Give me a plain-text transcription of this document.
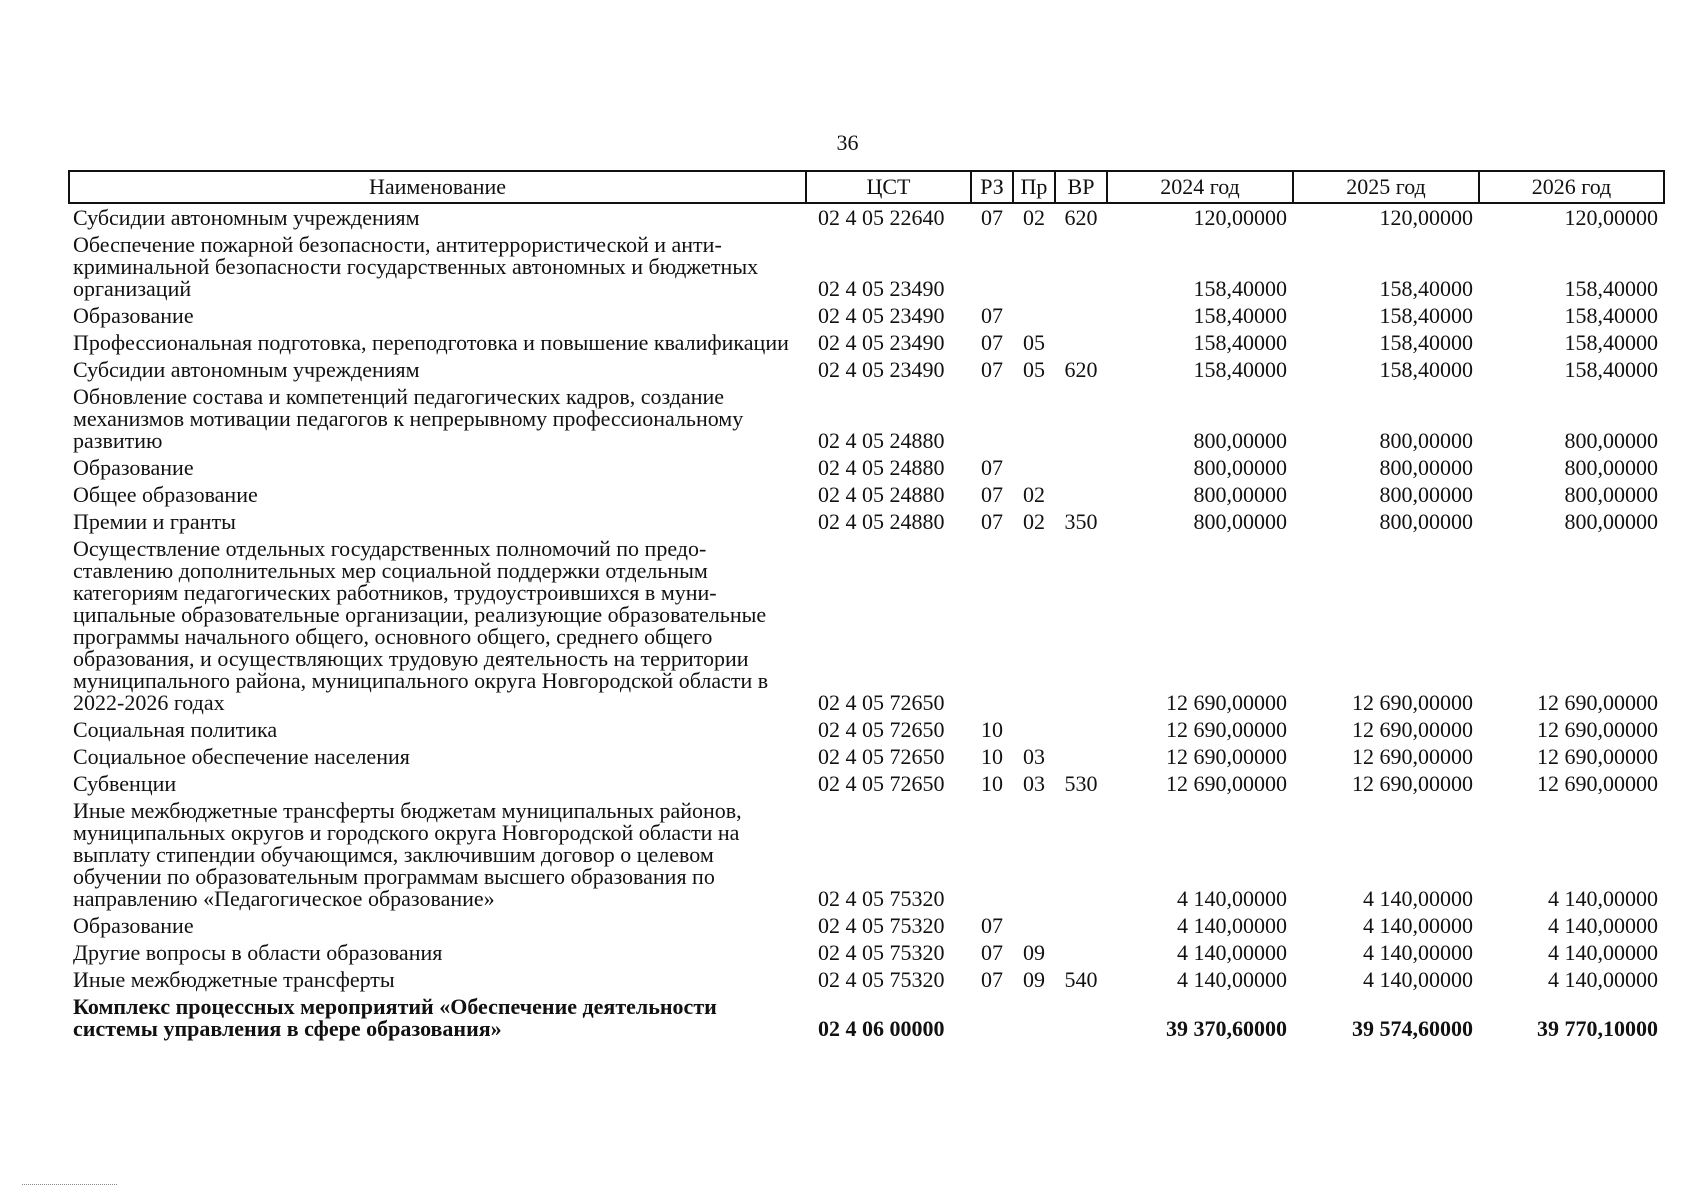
36
Наименование	ЦСТ	РЗ	Пр	ВР	2024 год	2025 год	2026 год
Субсидии автономным учреждениям	02 4 05 22640	07	02	620	120,00000	120,00000	120,00000
Обеспечение пожарной безопасности, антитеррористической и антикриминальной безопасности государственных автономных и бюджетных организаций	02 4 05 23490				158,40000	158,40000	158,40000
Образование	02 4 05 23490	07			158,40000	158,40000	158,40000
Профессиональная подготовка, переподготовка и повышение квалификации	02 4 05 23490	07	05		158,40000	158,40000	158,40000
Субсидии автономным учреждениям	02 4 05 23490	07	05	620	158,40000	158,40000	158,40000
Обновление состава и компетенций педагогических кадров, создание механизмов мотивации педагогов к непрерывному профессиональному развитию	02 4 05 24880				800,00000	800,00000	800,00000
Образование	02 4 05 24880	07			800,00000	800,00000	800,00000
Общее образование	02 4 05 24880	07	02		800,00000	800,00000	800,00000
Премии и гранты	02 4 05 24880	07	02	350	800,00000	800,00000	800,00000
Осуществление отдельных государственных полномочий по предоставлению дополнительных мер социальной поддержки отдельным категориям педагогических работников, трудоустроившихся в муниципальные образовательные организации, реализующие образовательные программы начального общего, основного общего, среднего общего образования, и осуществляющих трудовую деятельность на территории муниципального района, муниципального округа Новгородской области в 2022-2026 годах	02 4 05 72650				12 690,00000	12 690,00000	12 690,00000
Социальная политика	02 4 05 72650	10			12 690,00000	12 690,00000	12 690,00000
Социальное обеспечение населения	02 4 05 72650	10	03		12 690,00000	12 690,00000	12 690,00000
Субвенции	02 4 05 72650	10	03	530	12 690,00000	12 690,00000	12 690,00000
Иные межбюджетные трансферты бюджетам муниципальных районов, муниципальных округов и городского округа Новгородской области на выплату стипендии обучающимся, заключившим договор о целевом обучении по образовательным программам высшего образования по направлению «Педагогическое образование»	02 4 05 75320				4 140,00000	4 140,00000	4 140,00000
Образование	02 4 05 75320	07			4 140,00000	4 140,00000	4 140,00000
Другие вопросы в области образования	02 4 05 75320	07	09		4 140,00000	4 140,00000	4 140,00000
Иные межбюджетные трансферты	02 4 05 75320	07	09	540	4 140,00000	4 140,00000	4 140,00000
Комплекс процессных мероприятий «Обеспечение деятельности системы управления в сфере образования»	02 4 06 00000				39 370,60000	39 574,60000	39 770,10000
